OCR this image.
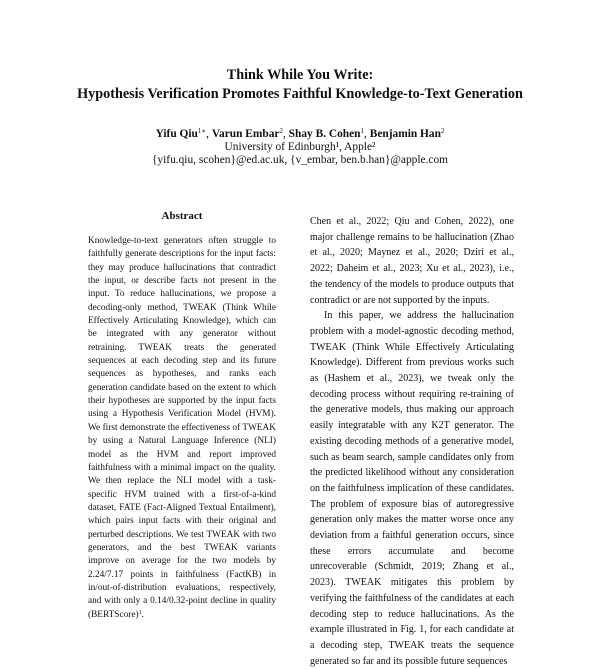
Think While You Write:
Hypothesis Verification Promotes Faithful Knowledge-to-Text Generation
Yifu Qiu$^{1∗}$, Varun Embar$^2$, Shay B. Cohen$^1$, Benjamin Han$^2$
University of Edinburgh¹, Apple²
{yifu.qiu, scohen}@ed.ac.uk, {v_embar, ben.b.han}@apple.com
Abstract

Knowledge-to-text generators often struggle to faithfully generate descriptions for the input facts: they may produce hallucinations that contradict the input, or describe facts not present in the input. To reduce hallucinations, we propose a decoding-only method, TWEAK (Think While Effectively Articulating Knowledge), which can be integrated with any generator without retraining. TWEAK treats the generated sequences at each decoding step and its future sequences as hypotheses, and ranks each generation candidate based on the extent to which their hypotheses are supported by the input facts using a Hypothesis Verification Model (HVM). We first demonstrate the effectiveness of TWEAK by using a Natural Language Inference (NLI) model as the HVM and report improved faithfulness with a minimal impact on the quality. We then replace the NLI model with a task-specific HVM trained with a first-of-a-kind dataset, FATE (Fact-Aligned Textual Entailment), which pairs input facts with their original and perturbed descriptions. We test TWEAK with two generators, and the best TWEAK variants improve on average for the two models by 2.24/7.17 points in faithfulness (FactKB) in in/out-of-distribution evaluations, respectively, and with only a 0.14/0.32-point decline in quality (BERTScore)$^1$.

Chen et al., 2022; Qiu and Cohen, 2022), one major challenge remains to be hallucination (Zhao et al., 2020; Maynez et al., 2020; Dziri et al., 2022; Daheim et al., 2023; Xu et al., 2023), i.e., the tendency of the models to produce outputs that contradict or are not supported by the inputs.

In this paper, we address the hallucination problem with a model-agnostic decoding method, TWEAK (Think While Effectively Articulating Knowledge). Different from previous works such as (Hashem et al., 2023), we tweak only the decoding process without requiring re-training of the generative models, thus making our approach easily integratable with any K2T generator. The existing decoding methods of a generative model, such as beam search, sample candidates only from the predicted likelihood without any consideration on the faithfulness implication of these candidates. The problem of exposure bias of autoregressive generation only makes the matter worse once any deviation from a faithful generation occurs, since these errors accumulate and become unrecoverable (Schmidt, 2019; Zhang et al., 2023). TWEAK mitigates this problem by verifying the faithfulness of the candidates at each decoding step to reduce hallucinations. As the example illustrated in Fig. 1, for each candidate at a decoding step, TWEAK treats the sequence generated so far and its possible future sequences
